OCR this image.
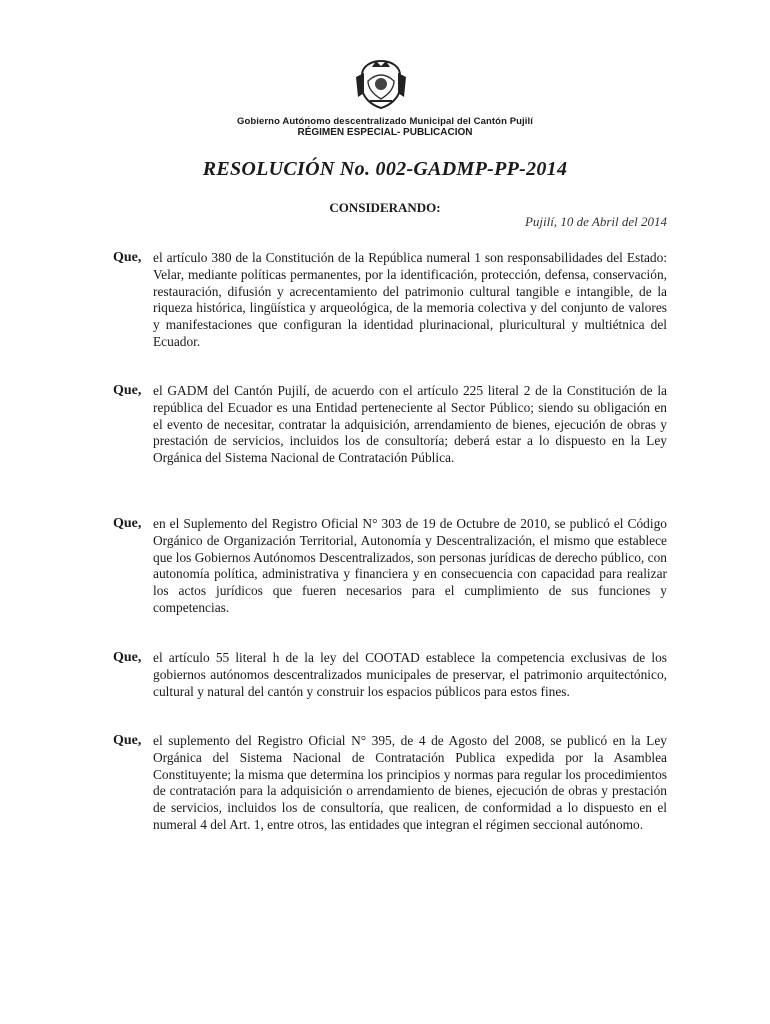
Gobierno Autónomo descentralizado Municipal del Cantón Pujilí
RÉGIMEN ESPECIAL- PUBLICACION
RESOLUCIÓN No. 002-GADMP-PP-2014
CONSIDERANDO:
Pujilí, 10 de Abril del 2014
Que, el artículo 380 de la Constitución de la República numeral 1 son responsabilidades del Estado: Velar, mediante políticas permanentes, por la identificación, protección, defensa, conservación, restauración, difusión y acrecentamiento del patrimonio cultural tangible e intangible, de la riqueza histórica, lingüística y arqueológica, de la memoria colectiva y del conjunto de valores y manifestaciones que configuran la identidad plurinacional, pluricultural y multiétnica del Ecuador.
Que, el GADM del Cantón Pujilí, de acuerdo con el artículo 225 literal 2 de la Constitución de la república del Ecuador es una Entidad perteneciente al Sector Público; siendo su obligación en el evento de necesitar, contratar la adquisición, arrendamiento de bienes, ejecución de obras y prestación de servicios, incluidos los de consultoría; deberá estar a lo dispuesto en la Ley Orgánica del Sistema Nacional de Contratación Pública.
Que, en el Suplemento del Registro Oficial N° 303 de 19 de Octubre de 2010, se publicó el Código Orgánico de Organización Territorial, Autonomía y Descentralización, el mismo que establece que los Gobiernos Autónomos Descentralizados, son personas jurídicas de derecho público, con autonomía política, administrativa y financiera y en consecuencia con capacidad para realizar los actos jurídicos que fueren necesarios para el cumplimiento de sus funciones y competencias.
Que, el artículo 55 literal h de la ley del COOTAD establece la competencia exclusivas de los gobiernos autónomos descentralizados municipales de preservar, el patrimonio arquitectónico, cultural y natural del cantón y construir los espacios públicos para estos fines.
Que, el suplemento del Registro Oficial N° 395, de 4 de Agosto del 2008, se publicó en la Ley Orgánica del Sistema Nacional de Contratación Publica expedida por la Asamblea Constituyente; la misma que determina los principios y normas para regular los procedimientos de contratación para la adquisición o arrendamiento de bienes, ejecución de obras y prestación de servicios, incluidos los de consultoría, que realicen, de conformidad a lo dispuesto en el numeral 4 del Art. 1, entre otros, las entidades que integran el régimen seccional autónomo.
